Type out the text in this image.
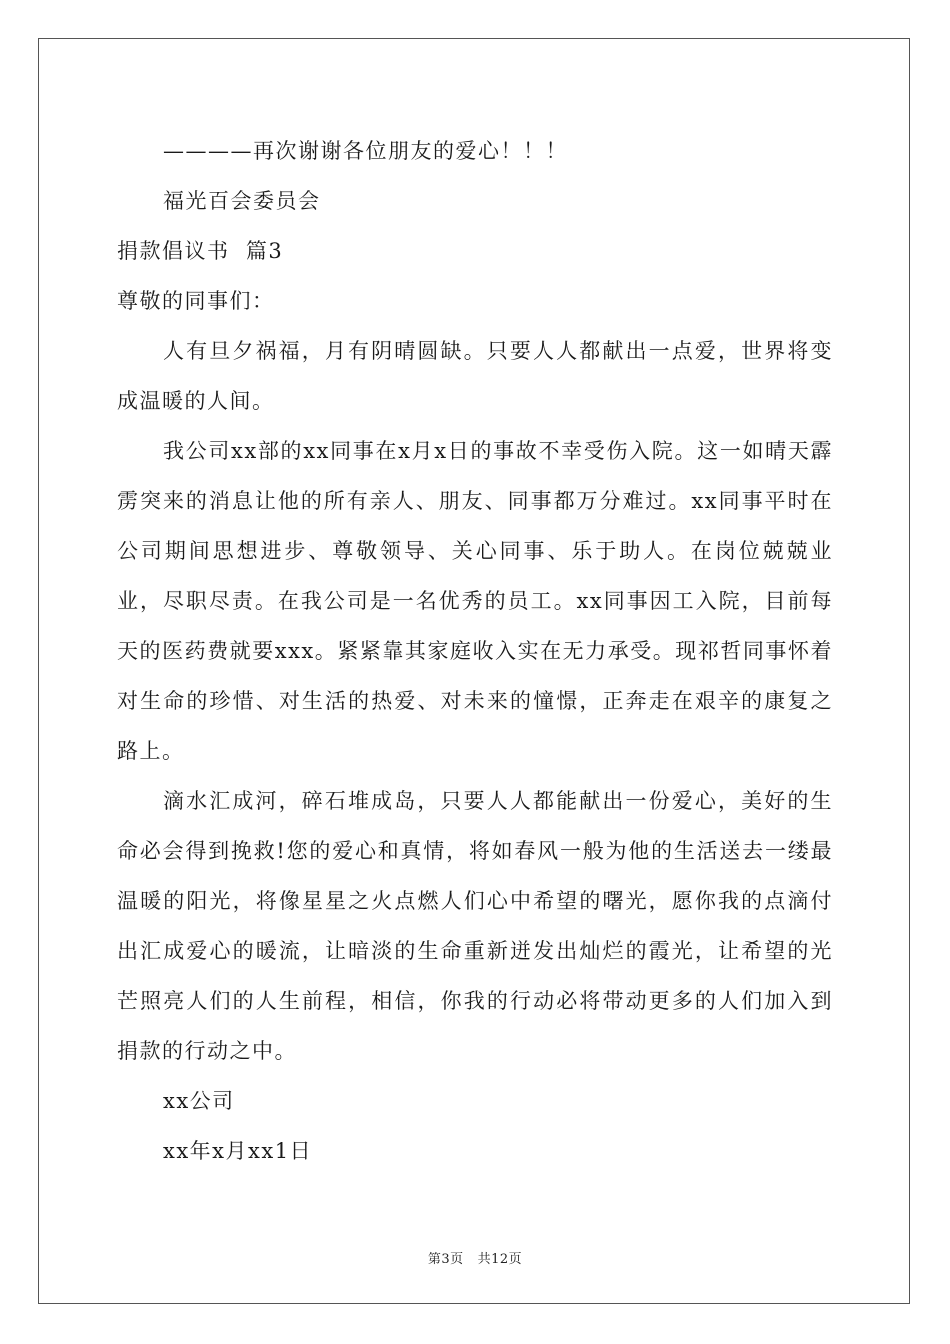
————再次谢谢各位朋友的爱心！！！
福光百会委员会
捐款倡议书  篇3
尊敬的同事们：
人有旦夕祸福，月有阴晴圆缺。只要人人都献出一点爱，世界将变成温暖的人间。
我公司xx部的xx同事在x月x日的事故不幸受伤入院。这一如晴天霹雳突来的消息让他的所有亲人、朋友、同事都万分难过。xx同事平时在公司期间思想进步、尊敬领导、关心同事、乐于助人。在岗位兢兢业业，尽职尽责。在我公司是一名优秀的员工。xx同事因工入院，目前每天的医药费就要xxx。紧紧靠其家庭收入实在无力承受。现祁哲同事怀着对生命的珍惜、对生活的热爱、对未来的憧憬，正奔走在艰辛的康复之路上。
滴水汇成河，碎石堆成岛，只要人人都能献出一份爱心，美好的生命必会得到挽救!您的爱心和真情，将如春风一般为他的生活送去一缕最温暖的阳光，将像星星之火点燃人们心中希望的曙光，愿你我的点滴付出汇成爱心的暖流，让暗淡的生命重新迸发出灿烂的霞光，让希望的光芒照亮人们的人生前程，相信，你我的行动必将带动更多的人们加入到捐款的行动之中。
xx公司
xx年x月xx1日
第3页 共12页
